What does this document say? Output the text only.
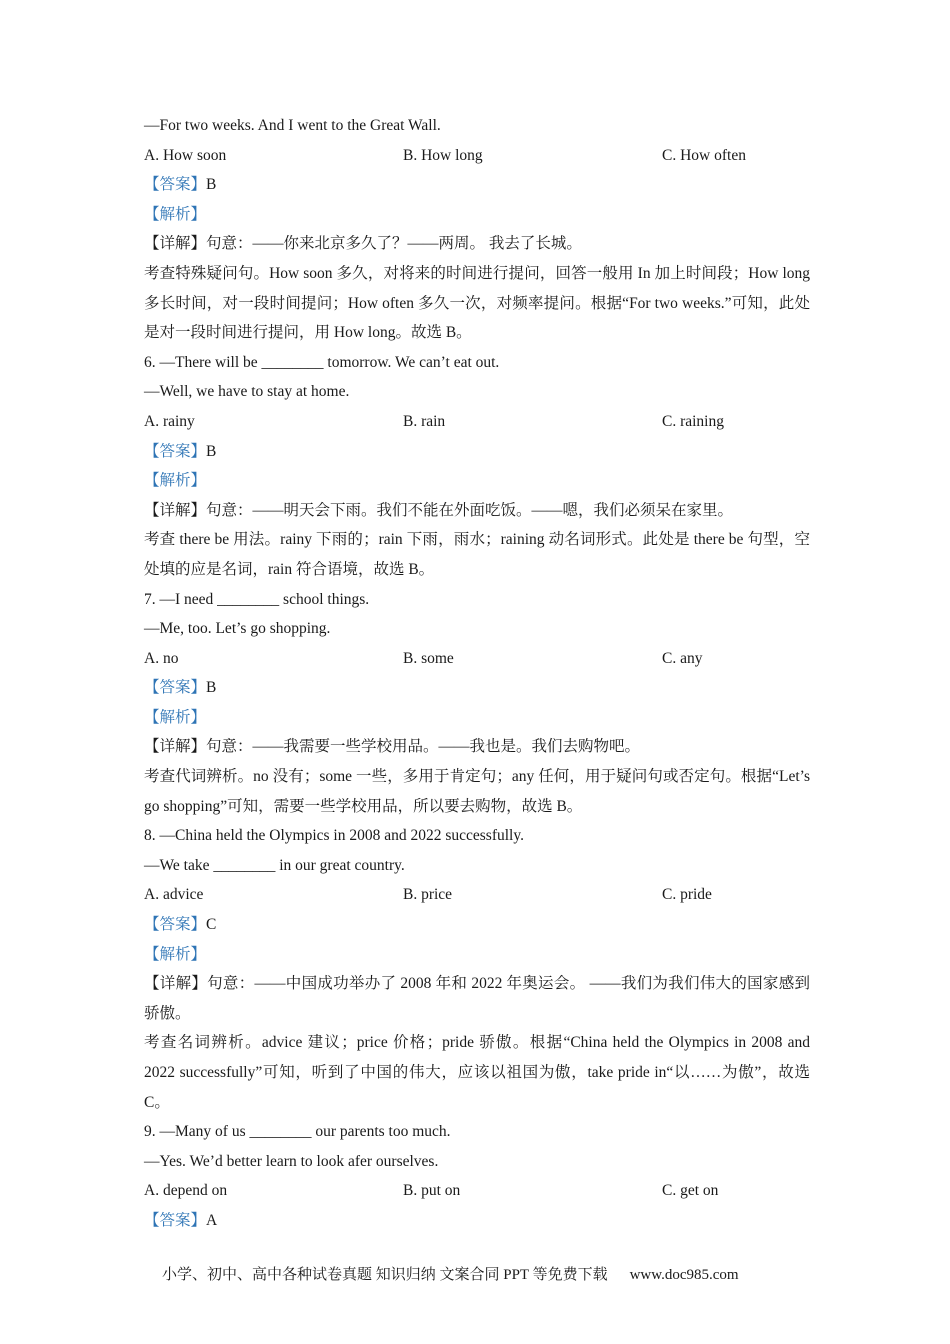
—For two weeks. And I went to the Great Wall.
A. How soon	B. How long	C. How often
【答案】B
【解析】
【详解】句意：——你来北京多久了？——两周。 我去了长城。
考查特殊疑问句。How soon 多久，对将来的时间进行提问，回答一般用 In 加上时间段；How long 多长时间，对一段时间提问；How often 多久一次，对频率提问。根据“For two weeks.”可知，此处是对一段时间进行提问，用 How long。故选 B。
6. —There will be ________ tomorrow. We can’t eat out.
—Well, we have to stay at home.
A. rainy	B. rain	C. raining
【答案】B
【解析】
【详解】句意：——明天会下雨。我们不能在外面吃饭。——嗯，我们必须呆在家里。
考查 there be 用法。rainy 下雨的；rain 下雨，雨水；raining 动名词形式。此处是 there be 句型，空处填的应是名词，rain 符合语境，故选 B。
7. —I need ________ school things.
—Me, too. Let’s go shopping.
A. no	B. some	C. any
【答案】B
【解析】
【详解】句意：——我需要一些学校用品。——我也是。我们去购物吧。
考查代词辨析。no 没有；some 一些，多用于肯定句；any 任何，用于疑问句或否定句。根据“Let’s go shopping”可知，需要一些学校用品，所以要去购物，故选 B。
8. —China held the Olympics in 2008 and 2022 successfully.
—We take ________ in our great country.
A. advice	B. price	C. pride
【答案】C
【解析】
【详解】句意：——中国成功举办了 2008 年和 2022 年奥运会。 ——我们为我们伟大的国家感到骄傲。
考查名词辨析。advice 建议；price 价格；pride 骄傲。根据“China held the Olympics in 2008 and 2022 successfully”可知，听到了中国的伟大，应该以祖国为傲，take pride in“以……为傲”，故选 C。
9. —Many of us ________ our parents too much.
—Yes. We’d better learn to look afer ourselves.
A. depend on	B. put on	C. get on
【答案】A
小学、初中、高中各种试卷真题 知识归纳 文案合同 PPT 等免费下载 www.doc985.com
